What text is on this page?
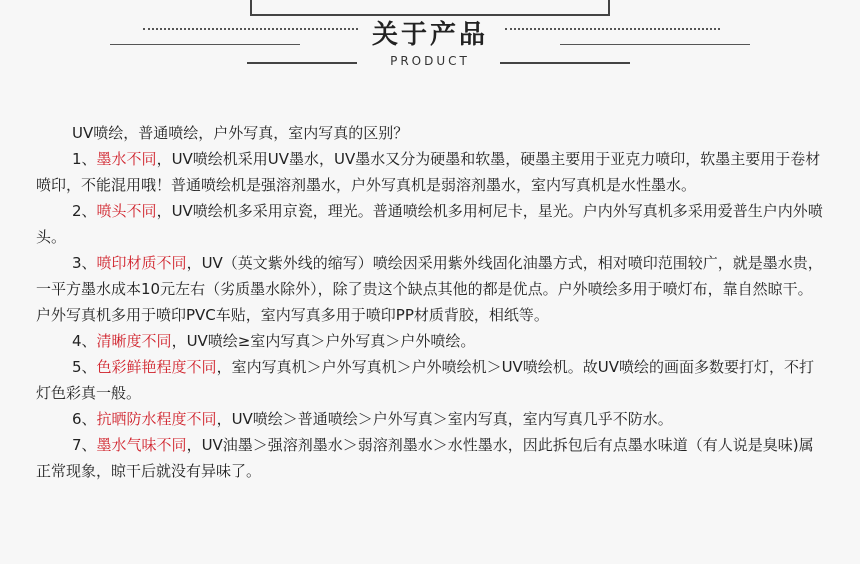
关于产品
PRODUCT

UV喷绘，普通喷绘，户外写真，室内写真的区别？

1、墨水不同，UV喷绘机采用UV墨水，UV墨水又分为硬墨和软墨，硬墨主要用于亚克力喷印，软墨主要用于卷材喷印，不能混用哦！普通喷绘机是强溶剂墨水，户外写真机是弱溶剂墨水，室内写真机是水性墨水。

2、喷头不同，UV喷绘机多采用京瓷，理光。普通喷绘机多用柯尼卡，星光。户内外写真机多采用爱普生户内外喷头。

3、喷印材质不同，UV（英文紫外线的缩写）喷绘因采用紫外线固化油墨方式，相对喷印范围较广，就是墨水贵，一平方墨水成本10元左右（劣质墨水除外），除了贵这个缺点其他的都是优点。户外喷绘多用于喷灯布，靠自然晾干。户外写真机多用于喷印PVC车贴，室内写真多用于喷印PP材质背胶，相纸等。

4、清晰度不同，UV喷绘≥室内写真＞户外写真＞户外喷绘。

5、色彩鲜艳程度不同，室内写真机＞户外写真机＞户外喷绘机＞UV喷绘机。故UV喷绘的画面多数要打灯，不打灯色彩真一般。

6、抗晒防水程度不同，UV喷绘＞普通喷绘＞户外写真＞室内写真，室内写真几乎不防水。

7、墨水气味不同，UV油墨＞强溶剂墨水＞弱溶剂墨水＞水性墨水，因此拆包后有点墨水味道（有人说是臭味)属正常现象，晾干后就没有异味了。
